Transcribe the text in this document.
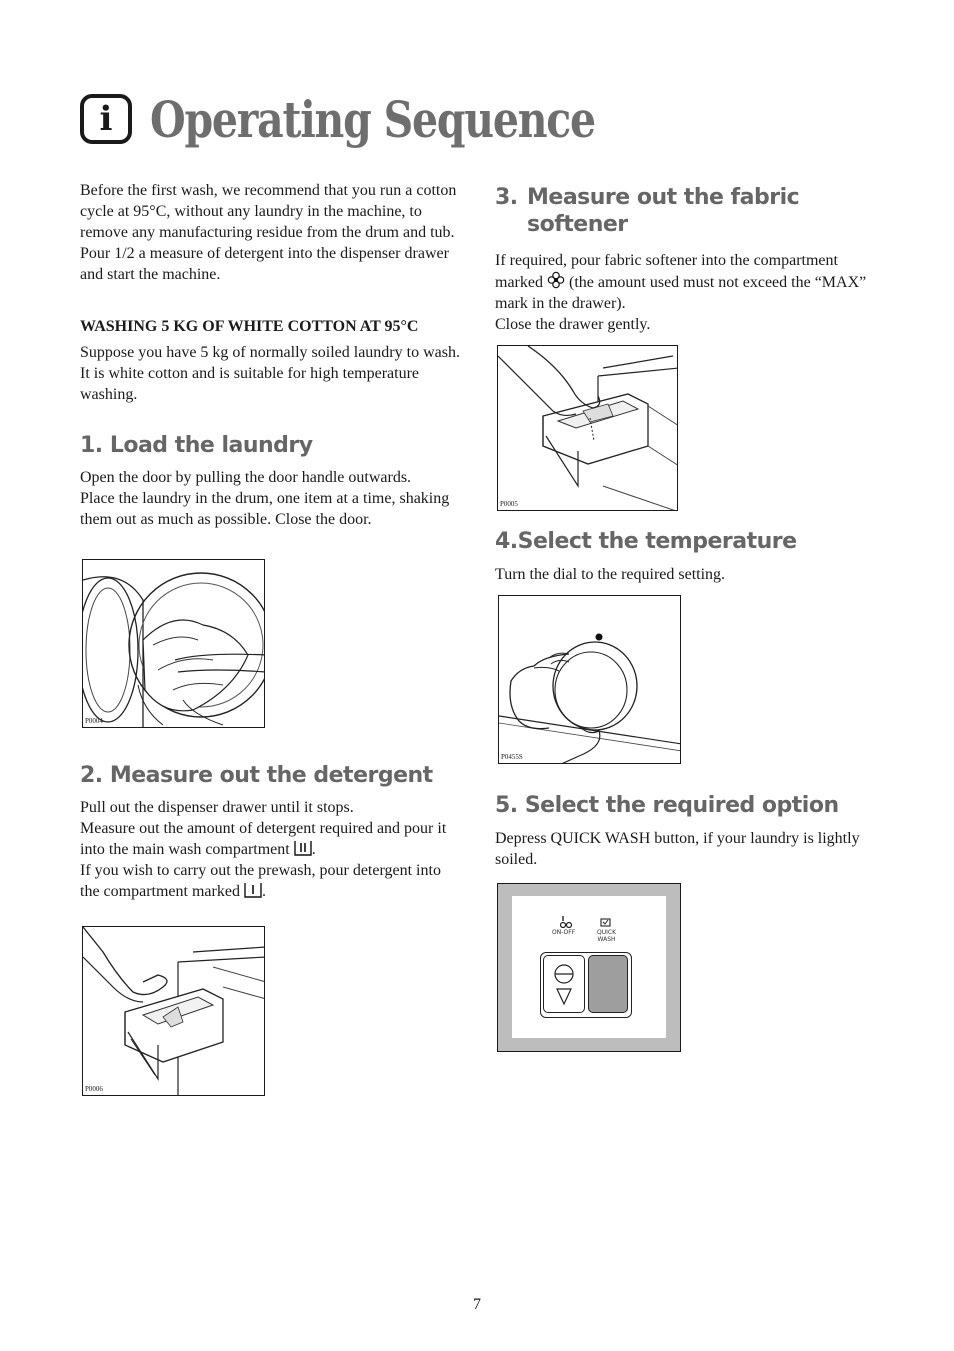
i Operating Sequence

Before the first wash, we recommend that you run a cotton cycle at 95°C, without any laundry in the machine, to remove any manufacturing residue from the drum and tub.

Pour 1/2 a measure of detergent into the dispenser drawer and start the machine.

WASHING 5 KG OF WHITE COTTON AT 95°C

Suppose you have 5 kg of normally soiled laundry to wash. It is white cotton and is suitable for high temperature washing.

1. Load the laundry

Open the door by pulling the door handle outwards.

Place the laundry in the drum, one item at a time, shaking them out as much as possible. Close the door.

P0004
2. Measure out the detergent

Pull out the dispenser drawer until it stops.

Measure out the amount of detergent required and pour it into the main wash compartment .

If you wish to carry out the prewash, pour detergent into the compartment marked .

P0006
3. Measure out the fabric
softener

If required, pour fabric softener into the compartment marked (the amount used must not exceed the “MAX” mark in the drawer).

Close the drawer gently.

P0005
4.Select the temperature

Turn the dial to the required setting.

P0455S
5. Select the required option

Depress QUICK WASH button, if your laundry is lightly soiled.

ON-OFF	QUICK
WASH
7
